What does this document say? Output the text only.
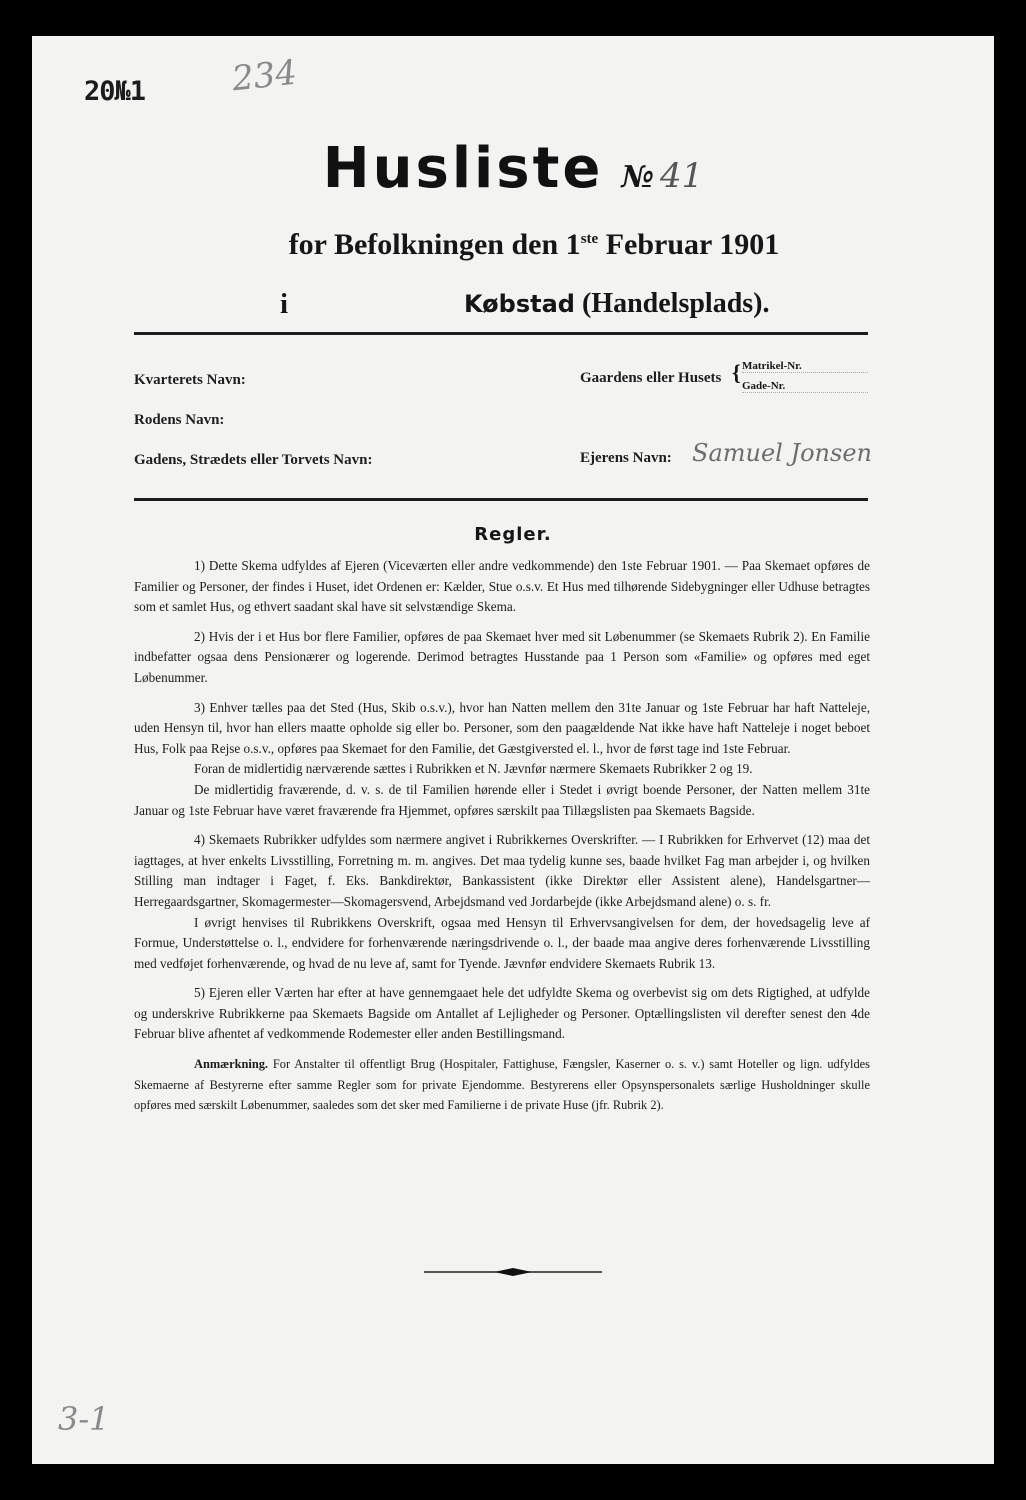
20№1	234
Husliste № 41
for Befolkningen den 1ste Februar 1901
i	Købstad (Handelsplads).
Kvarterets Navn:
Rodens Navn:
Gadens, Strædets eller Torvets Navn:
Gaardens eller Husets { Matrikel-Nr.
Gade-Nr.
Ejerens Navn: Samuel Jonsen
Regler.

1) Dette Skema udfyldes af Ejeren (Viceværten eller andre vedkommende) den 1ste Februar 1901. — Paa Skemaet opføres de Familier og Personer, der findes i Huset, idet Ordenen er: Kælder, Stue o.s.v. Et Hus med tilhørende Sidebygninger eller Udhuse betragtes som et samlet Hus, og ethvert saadant skal have sit selvstændige Skema.

2) Hvis der i et Hus bor flere Familier, opføres de paa Skemaet hver med sit Løbenummer (se Skemaets Rubrik 2). En Familie indbefatter ogsaa dens Pensionærer og logerende. Derimod betragtes Husstande paa 1 Person som «Familie» og opføres med eget Løbenummer.

3) Enhver tælles paa det Sted (Hus, Skib o.s.v.), hvor han Natten mellem den 31te Januar og 1ste Februar har haft Natteleje, uden Hensyn til, hvor han ellers maatte opholde sig eller bo. Personer, som den paagældende Nat ikke have haft Natteleje i noget beboet Hus, Folk paa Rejse o.s.v., opføres paa Skemaet for den Familie, det Gæstgiversted el. l., hvor de først tage ind 1ste Februar.

Foran de midlertidig nærværende sættes i Rubrikken et N. Jævnfør nærmere Skemaets Rubrikker 2 og 19.

De midlertidig fraværende, d. v. s. de til Familien hørende eller i Stedet i øvrigt boende Personer, der Natten mellem 31te Januar og 1ste Februar have været fraværende fra Hjemmet, opføres særskilt paa Tillægslisten paa Skemaets Bagside.

4) Skemaets Rubrikker udfyldes som nærmere angivet i Rubrikkernes Overskrifter. — I Rubrikken for Erhvervet (12) maa det iagttages, at hver enkelts Livsstilling, Forretning m. m. angives. Det maa tydelig kunne ses, baade hvilket Fag man arbejder i, og hvilken Stilling man indtager i Faget, f. Eks. Bankdirektør, Bankassistent (ikke Direktør eller Assistent alene), Handelsgartner—Herregaardsgartner, Skomagermester—Skomagersvend, Arbejdsmand ved Jordarbejde (ikke Arbejdsmand alene) o. s. fr.

I øvrigt henvises til Rubrikkens Overskrift, ogsaa med Hensyn til Erhvervsangivelsen for dem, der hovedsagelig leve af Formue, Understøttelse o. l., endvidere for forhenværende næringsdrivende o. l., der baade maa angive deres forhenværende Livsstilling med vedføjet forhenværende, og hvad de nu leve af, samt for Tyende. Jævnfør endvidere Skemaets Rubrik 13.

5) Ejeren eller Værten har efter at have gennemgaaet hele det udfyldte Skema og overbevist sig om dets Rigtighed, at udfylde og underskrive Rubrikkerne paa Skemaets Bagside om Antallet af Lejligheder og Personer. Optællingslisten vil derefter senest den 4de Februar blive afhentet af vedkommende Rodemester eller anden Bestillingsmand.

Anmærkning. For Anstalter til offentligt Brug (Hospitaler, Fattighuse, Fængsler, Kaserner o. s. v.) samt Hoteller og lign. udfyldes Skemaerne af Bestyrerne efter samme Regler som for private Ejendomme. Bestyrerens eller Opsynspersonalets særlige Husholdninger skulle opføres med særskilt Løbenummer, saaledes som det sker med Familierne i de private Huse (jfr. Rubrik 2).

3-1
